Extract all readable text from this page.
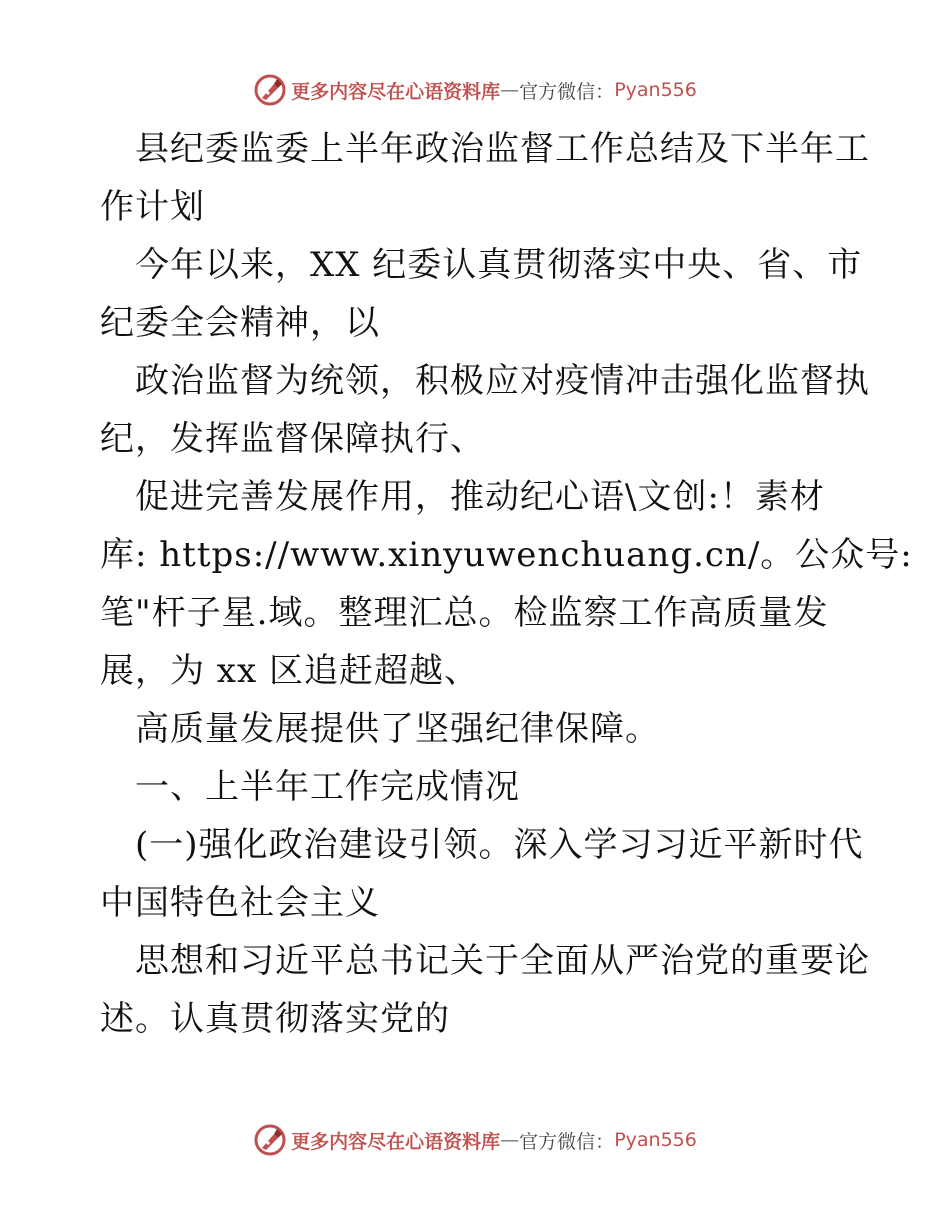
更多内容尽在心语资料库 — 官方微信： Pyan556
县纪委监委上半年政治监督工作总结及下半年工
作计划
今年以来，XX 纪委认真贯彻落实中央、省、市
纪委全会精神，以
政治监督为统领，积极应对疫情冲击强化监督执
纪，发挥监督保障执行、
促进完善发展作用，推动纪心语\文创:！素材
库: https://www.xinyuwenchuang.cn/。公众号:
笔"杆子星.域。整理汇总。检监察工作高质量发
展，为 xx 区追赶超越、
高质量发展提供了坚强纪律保障。
一、上半年工作完成情况
(一)强化政治建设引领。深入学习习近平新时代
中国特色社会主义
思想和习近平总书记关于全面从严治党的重要论
述。认真贯彻落实党的
更多内容尽在心语资料库 — 官方微信： Pyan556
